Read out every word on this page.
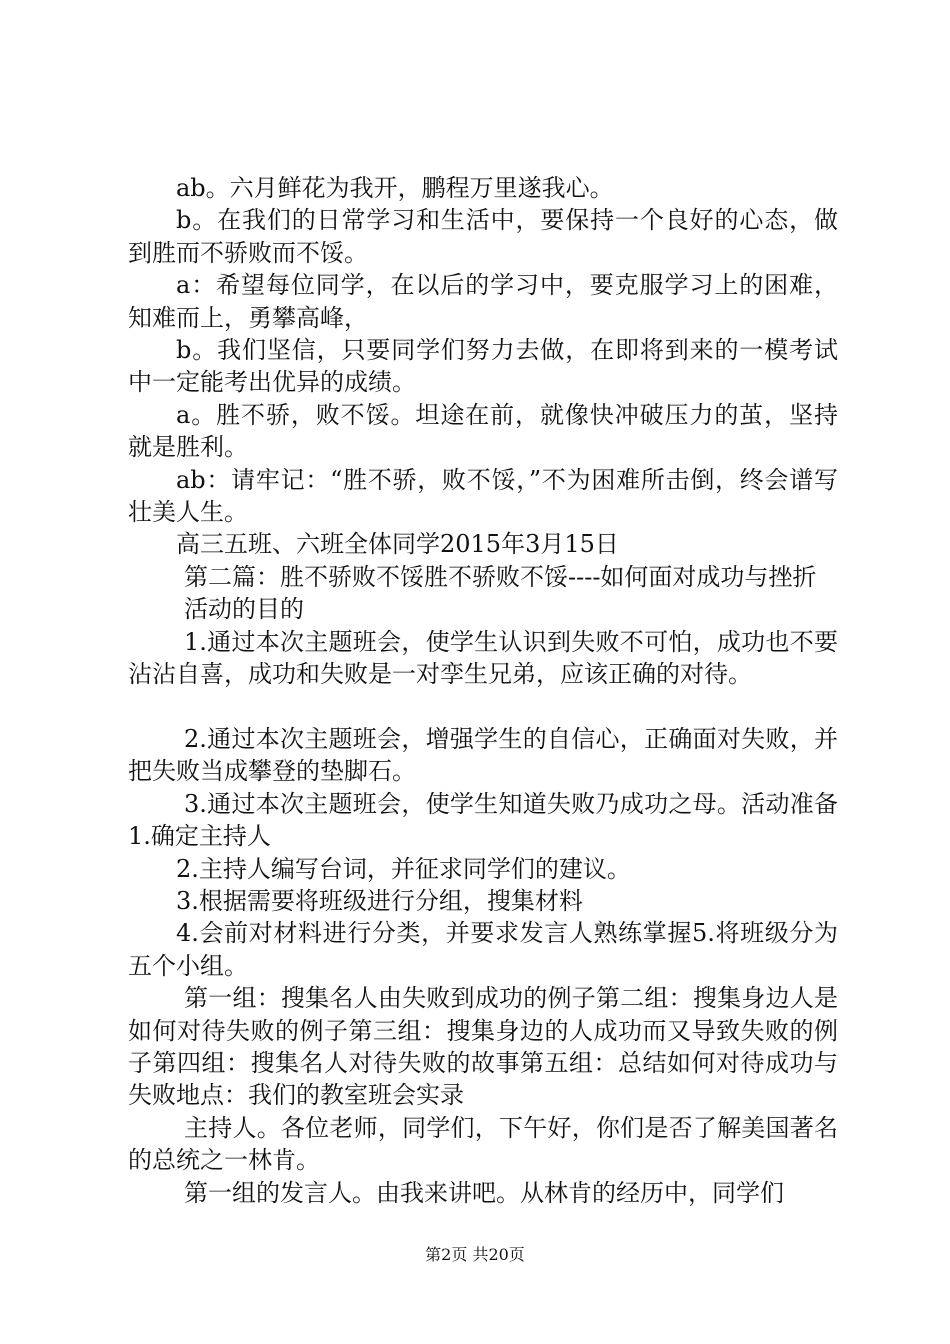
ab。六月鲜花为我开，鹏程万里遂我心。

b。在我们的日常学习和生活中，要保持一个良好的心态，做到胜而不骄败而不馁。

a：希望每位同学，在以后的学习中，要克服学习上的困难，知难而上，勇攀高峰，

b。我们坚信，只要同学们努力去做，在即将到来的一模考试中一定能考出优异的成绩。

a。胜不骄，败不馁。坦途在前，就像快冲破压力的茧，坚持就是胜利。

ab：请牢记：“胜不骄，败不馁，”不为困难所击倒，终会谱写壮美人生。

高三五班、六班全体同学2015年3月15日

第二篇：胜不骄败不馁胜不骄败不馁----如何面对成功与挫折

活动的目的

1.通过本次主题班会，使学生认识到失败不可怕，成功也不要沾沾自喜，成功和失败是一对孪生兄弟，应该正确的对待。

2.通过本次主题班会，增强学生的自信心，正确面对失败，并把失败当成攀登的垫脚石。

3.通过本次主题班会，使学生知道失败乃成功之母。活动准备1.确定主持人

2.主持人编写台词，并征求同学们的建议。

3.根据需要将班级进行分组，搜集材料

4.会前对材料进行分类，并要求发言人熟练掌握5.将班级分为五个小组。

第一组：搜集名人由失败到成功的例子第二组：搜集身边人是如何对待失败的例子第三组：搜集身边的人成功而又导致失败的例子第四组：搜集名人对待失败的故事第五组：总结如何对待成功与失败地点：我们的教室班会实录

主持人。各位老师，同学们，下午好，你们是否了解美国著名的总统之一林肯。

第一组的发言人。由我来讲吧。从林肯的经历中，同学们

第2页 共20页
